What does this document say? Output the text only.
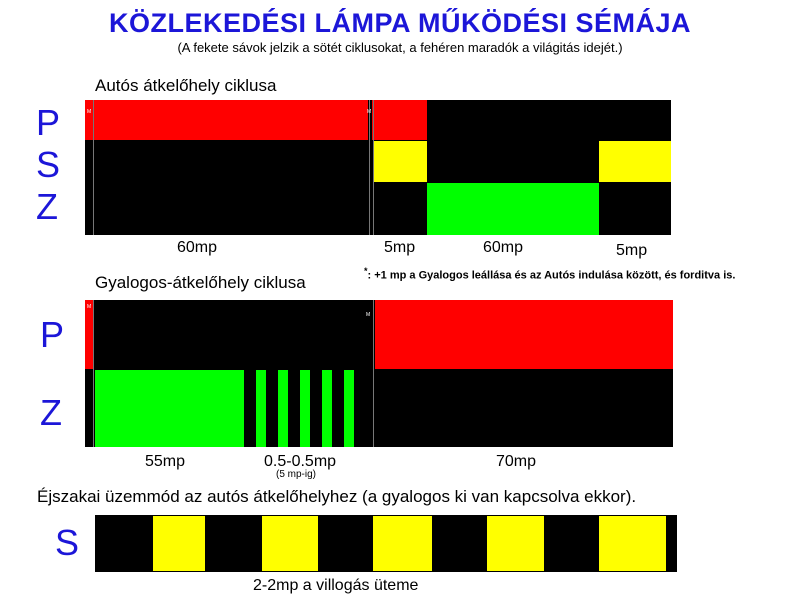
KÖZLEKEDÉSI LÁMPA MŰKÖDÉSI SÉMÁJA
(A fekete sávok jelzik a sötét ciklusokat, a fehéren maradók a világitás idejét.)
Autós átkelőhely ciklusa
P
S
Z
M	M
60mp	5mp	60mp	5mp
*: +1 mp a Gyalogos leállása és az Autós indulása között, és forditva is.
Gyalogos-átkelőhely ciklusa
P
Z
M
M
55mp	0.5-0.5mp
(5 mp-ig)
70mp
Éjszakai üzemmód az autós átkelőhelyhez (a gyalogos ki van kapcsolva ekkor).
S
2-2mp a villogás üteme
